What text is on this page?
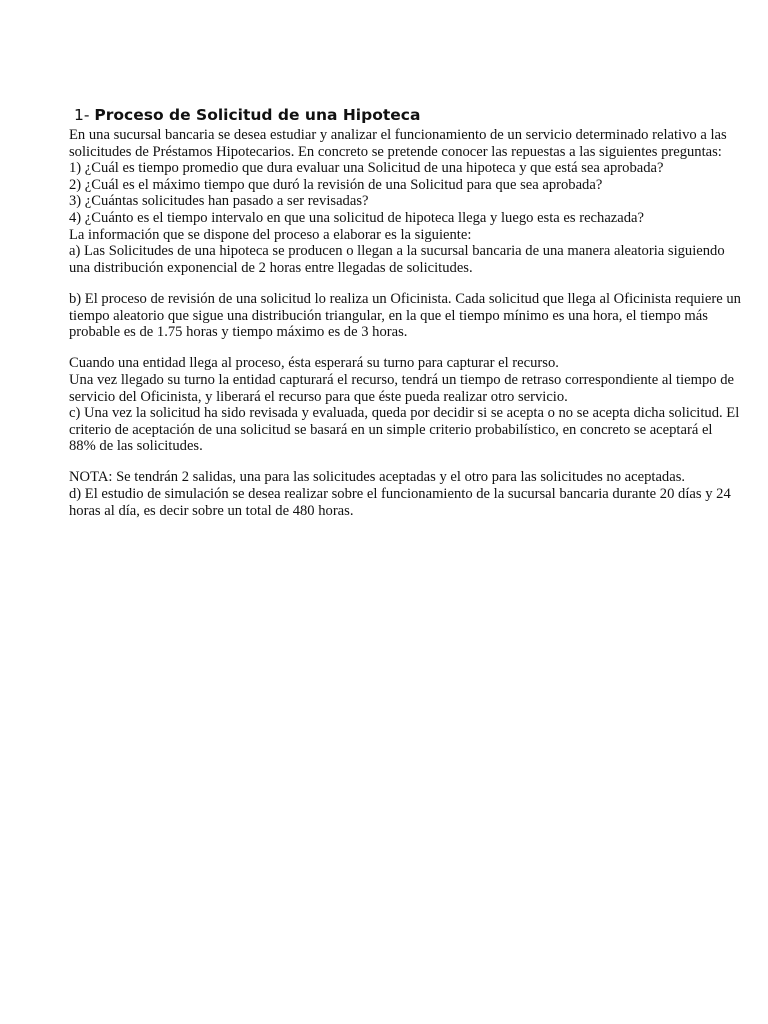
1- Proceso de Solicitud de una Hipoteca

En una sucursal bancaria se desea estudiar y analizar el funcionamiento de un servicio determinado relativo a las solicitudes de Préstamos Hipotecarios. En concreto se pretende conocer las repuestas a las siguientes preguntas:

1) ¿Cuál es tiempo promedio que dura evaluar una Solicitud de una hipoteca y que está sea aprobada?

2) ¿Cuál es el máximo tiempo que duró la revisión de una Solicitud para que sea aprobada?

3) ¿Cuántas solicitudes han pasado a ser revisadas?

4) ¿Cuánto es el tiempo intervalo en que una solicitud de hipoteca llega y luego esta es rechazada?

La información que se dispone del proceso a elaborar es la siguiente:

a) Las Solicitudes de una hipoteca se producen o llegan a la sucursal bancaria de una manera aleatoria siguiendo una distribución exponencial de 2 horas entre llegadas de solicitudes.

b) El proceso de revisión de una solicitud lo realiza un Oficinista. Cada solicitud que llega al Oficinista requiere un tiempo aleatorio que sigue una distribución triangular, en la que el tiempo mínimo es una hora, el tiempo más probable es de 1.75 horas y tiempo máximo es de 3 horas.

Cuando una entidad llega al proceso, ésta esperará su turno para capturar el recurso.

Una vez llegado su turno la entidad capturará el recurso, tendrá un tiempo de retraso correspondiente al tiempo de servicio del Oficinista, y liberará el recurso para que éste pueda realizar otro servicio.

c) Una vez la solicitud ha sido revisada y evaluada, queda por decidir si se acepta o no se acepta dicha solicitud. El criterio de aceptación de una solicitud se basará en un simple criterio probabilístico, en concreto se aceptará el 88% de las solicitudes.

NOTA: Se tendrán 2 salidas, una para las solicitudes aceptadas y el otro para las solicitudes no aceptadas.

d) El estudio de simulación se desea realizar sobre el funcionamiento de la sucursal bancaria durante 20 días y 24 horas al día, es decir sobre un total de 480 horas.
